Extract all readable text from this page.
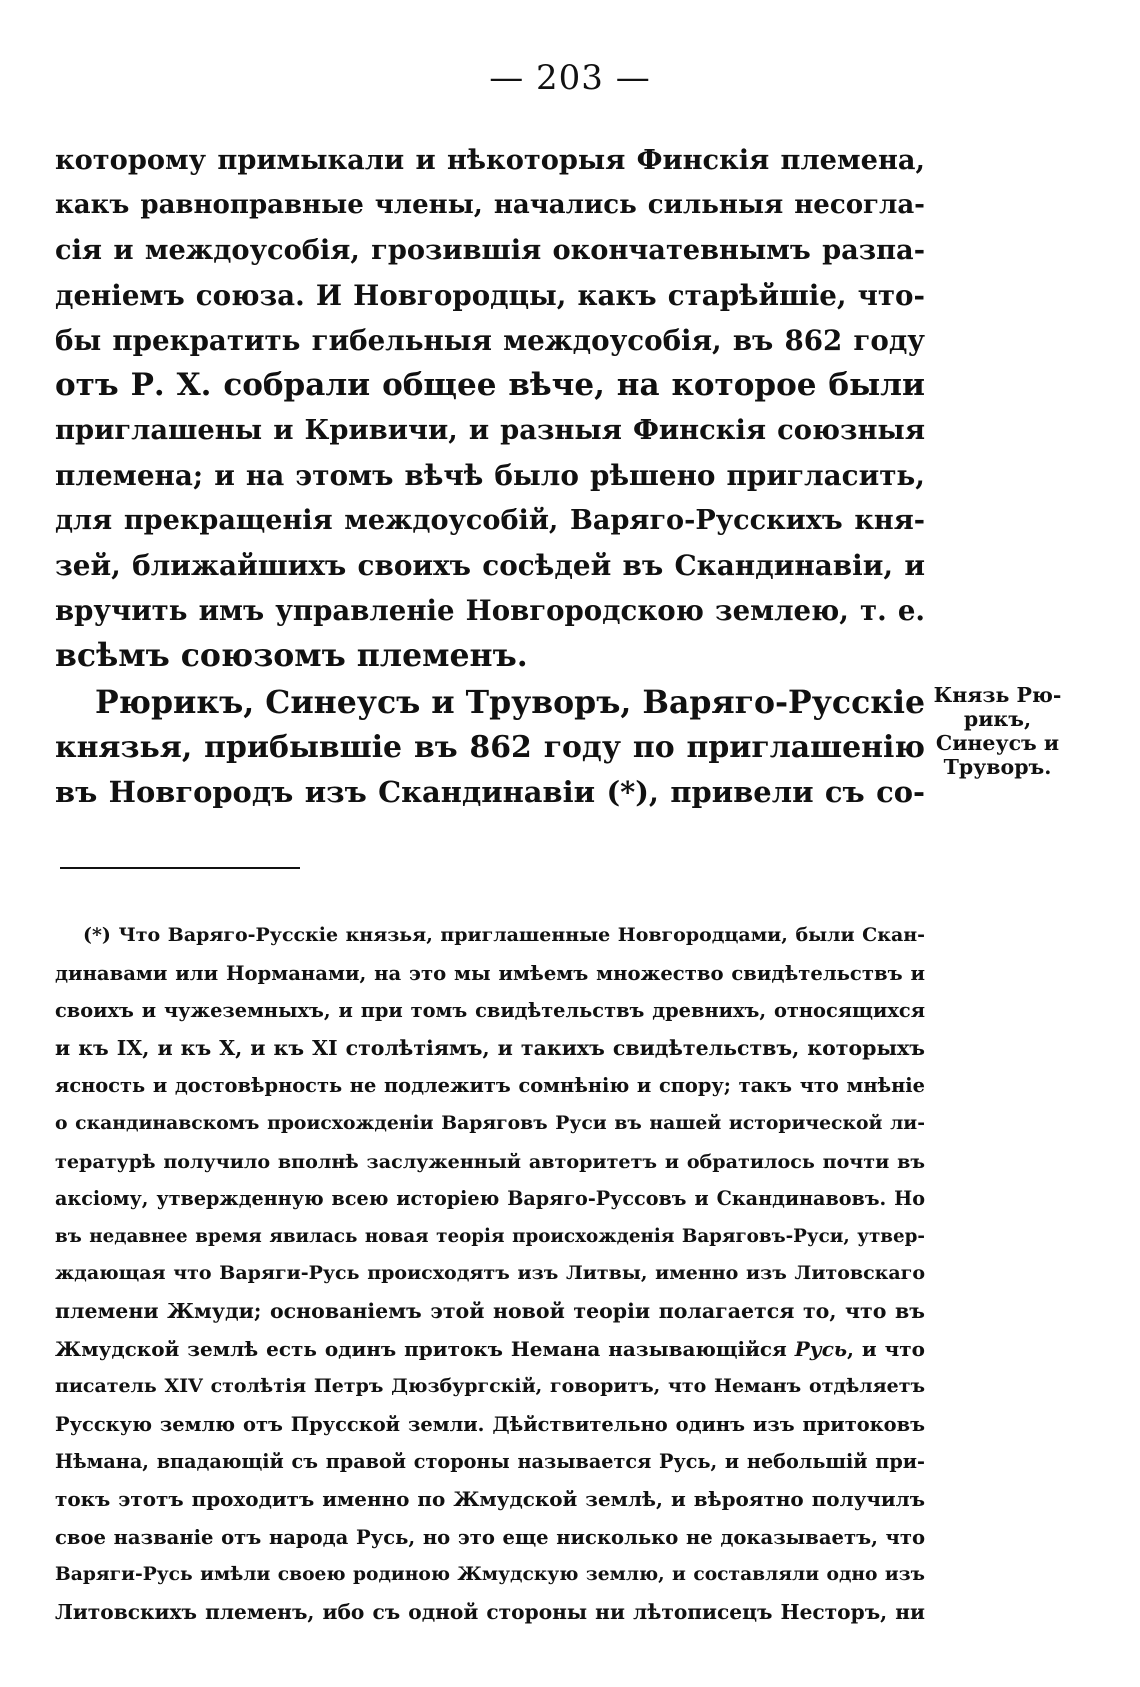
— 203 —
которому примыкали и нѣкоторыя Финскія племена,
какъ равноправные члены, начались сильныя несогла-
сія и междоусобія, грозившія окончатевнымъ разпа-
деніемъ союза. И Новгородцы, какъ старѣйшіе, что-
бы прекратить гибельныя междоусобія, въ 862 году
отъ Р. Х. собрали общее вѣче, на которое были
приглашены и Кривичи, и разныя Финскія союзныя
племена; и на этомъ вѣчѣ было рѣшено пригласить,
для прекращенія междоусобій, Варяго-Русскихъ кня-
зей, ближайшихъ своихъ сосѣдей въ Скандинавіи, и
вручить имъ управленіе Новгородскою землею, т. е.
всѣмъ союзомъ племенъ.
Рюрикъ, Синеусъ и Труворъ, Варяго-Русскіе
князья, прибывшіе въ 862 году по приглашенію
въ Новгородъ изъ Скандинавіи (*), привели съ со-
Князь Рю-
рикъ,
Синеусъ и
Труворъ.
(*) Что Варяго-Русскіе князья, приглашенные Новгородцами, были Скан-
динавами или Норманами, на это мы имѣемъ множество свидѣтельствъ и
своихъ и чужеземныхъ, и при томъ свидѣтельствъ древнихъ, относящихся
и къ IX, и къ X, и къ XI столѣтіямъ, и такихъ свидѣтельствъ, которыхъ
ясность и достовѣрность не подлежитъ сомнѣнію и спору; такъ что мнѣніе
о скандинавскомъ происхожденіи Варяговъ Руси въ нашей исторической ли-
тературѣ получило вполнѣ заслуженный авторитетъ и обратилось почти въ
аксіому, утвержденную всею исторіею Варяго-Руссовъ и Скандинавовъ. Но
въ недавнее время явилась новая теорія происхожденія Варяговъ-Руси, утвер-
ждающая что Варяги-Русь происходятъ изъ Литвы, именно изъ Литовскаго
племени Жмуди; основаніемъ этой новой теоріи полагается то, что въ
Жмудской землѣ есть одинъ притокъ Немана называющійся Русь, и что
писатель XIV столѣтія Петръ Дюзбургскій, говоритъ, что Неманъ отдѣляетъ
Русскую землю отъ Прусской земли. Дѣйствительно одинъ изъ притоковъ
Нѣмана, впадающій съ правой стороны называется Русь, и небольшій при-
токъ этотъ проходитъ именно по Жмудской землѣ, и вѣроятно получилъ
свое названіе отъ народа Русь, но это еще нисколько не доказываетъ, что
Варяги-Русь имѣли своею родиною Жмудскую землю, и составляли одно изъ
Литовскихъ племенъ, ибо съ одной стороны ни лѣтописецъ Несторъ, ни
